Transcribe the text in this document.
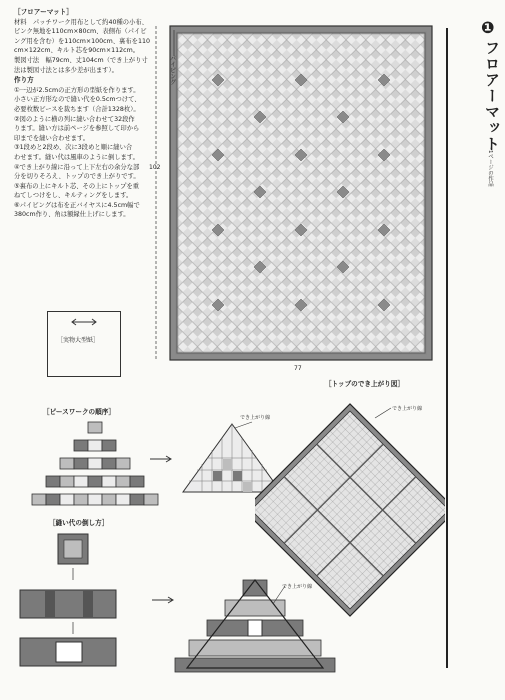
［フロアーマット］
材料　パッチワーク用布として約40種の小布、
ピンク無地を110cm×80cm、表側布（パイピ
ング用を含む）を110cm×100cm、裏布を110
cm×122cm、キルト芯を90cm×112cm。
製図寸法　幅79cm、丈104cm（でき上がり寸
法は製図寸法とは多少差が出ます）。
作り方
①一辺が2.5cmの正方形の型紙を作ります。
小さい正方形なので縫い代を0.5cmつけて、
必要枚数ピースを裁ちます（合計1328枚）。
②図のように横の列に縫い合わせて32段作
ります。縫い方は前ページを参照して印から
印までを縫い合わせます。
③1段めと2段め、次に3段めと順に縫い合
わせます。縫い代は風車のように倒します。
④でき上がり線に沿って上下左右の余分な部
分を切りそろえ、トップのでき上がりです。
⑤裏布の上にキルト芯、その上にトップを重
ねてしつけをし、キルティングをします。
⑥パイピングは布を正バイヤスに4.5cm幅で
380cm作り、角は額縁仕上げにします。
［実物大型紙］
102
77
パイピング
❶
フロアーマット
1ページの作品
［ピースワークの順序］
でき上がり線
［縫い代の倒し方］
でき上がり線
［トップのでき上がり図］
でき上がり線
